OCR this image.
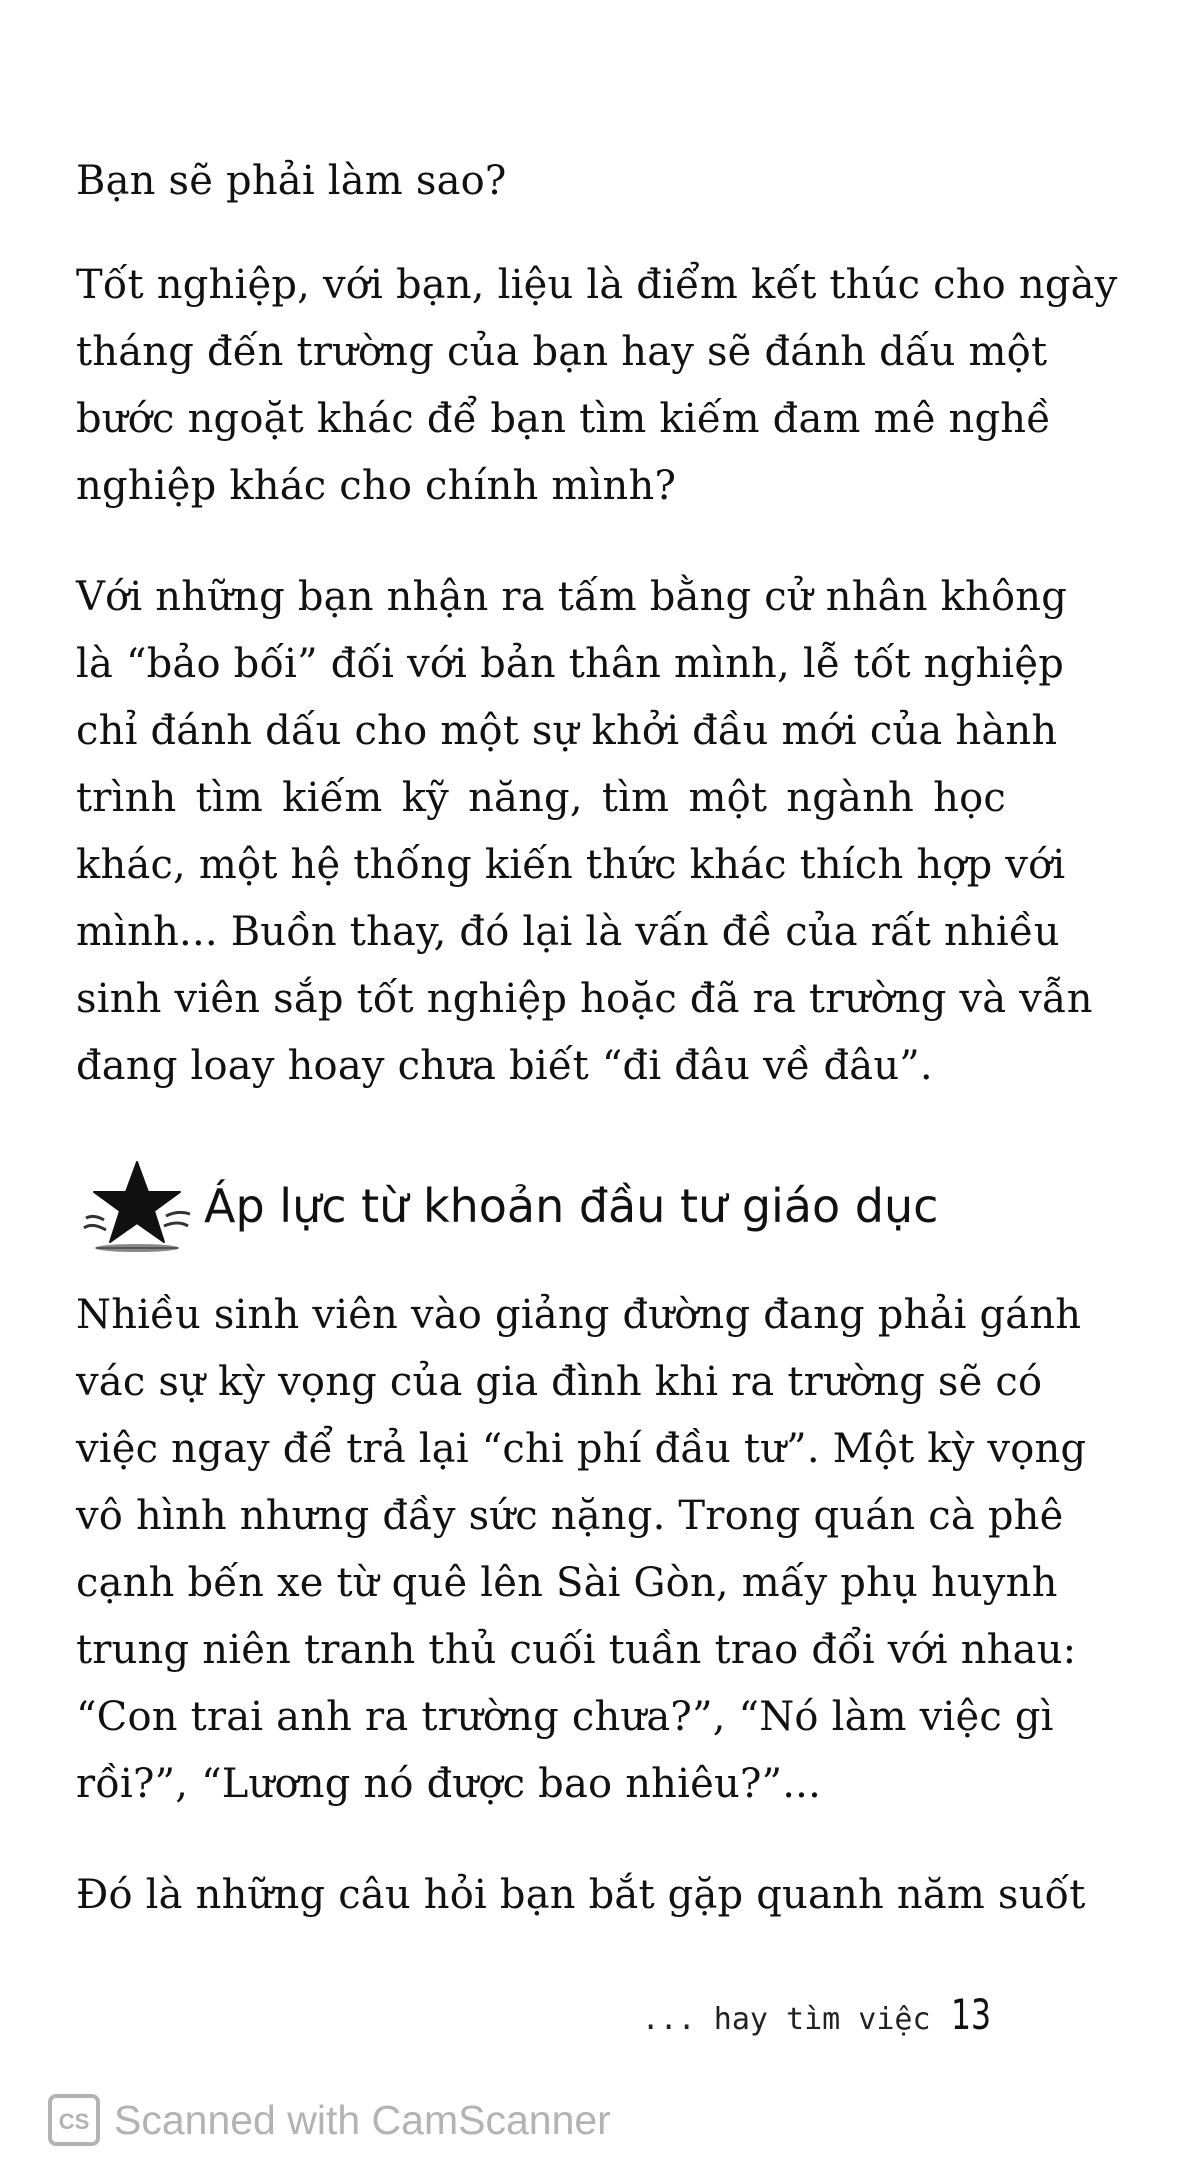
Bạn sẽ phải làm sao?
Tốt nghiệp, với bạn, liệu là điểm kết thúc cho ngày
tháng đến trường của bạn hay sẽ đánh dấu một
bước ngoặt khác để bạn tìm kiếm đam mê nghề
nghiệp khác cho chính mình?
Với những bạn nhận ra tấm bằng cử nhân không
là “bảo bối” đối với bản thân mình, lễ tốt nghiệp
chỉ đánh dấu cho một sự khởi đầu mới của hành
trình tìm kiếm kỹ năng, tìm một ngành học
khác, một hệ thống kiến thức khác thích hợp với
mình... Buồn thay, đó lại là vấn đề của rất nhiều
sinh viên sắp tốt nghiệp hoặc đã ra trường và vẫn
đang loay hoay chưa biết “đi đâu về đâu”.
Áp lực từ khoản đầu tư giáo dục
Nhiều sinh viên vào giảng đường đang phải gánh
vác sự kỳ vọng của gia đình khi ra trường sẽ có
việc ngay để trả lại “chi phí đầu tư”. Một kỳ vọng
vô hình nhưng đầy sức nặng. Trong quán cà phê
cạnh bến xe từ quê lên Sài Gòn, mấy phụ huynh
trung niên tranh thủ cuối tuần trao đổi với nhau:
“Con trai anh ra trường chưa?”, “Nó làm việc gì
rồi?”, “Lương nó được bao nhiêu?”...
Đó là những câu hỏi bạn bắt gặp quanh năm suốt
... hay tìm việc 13
CS Scanned with CamScanner
